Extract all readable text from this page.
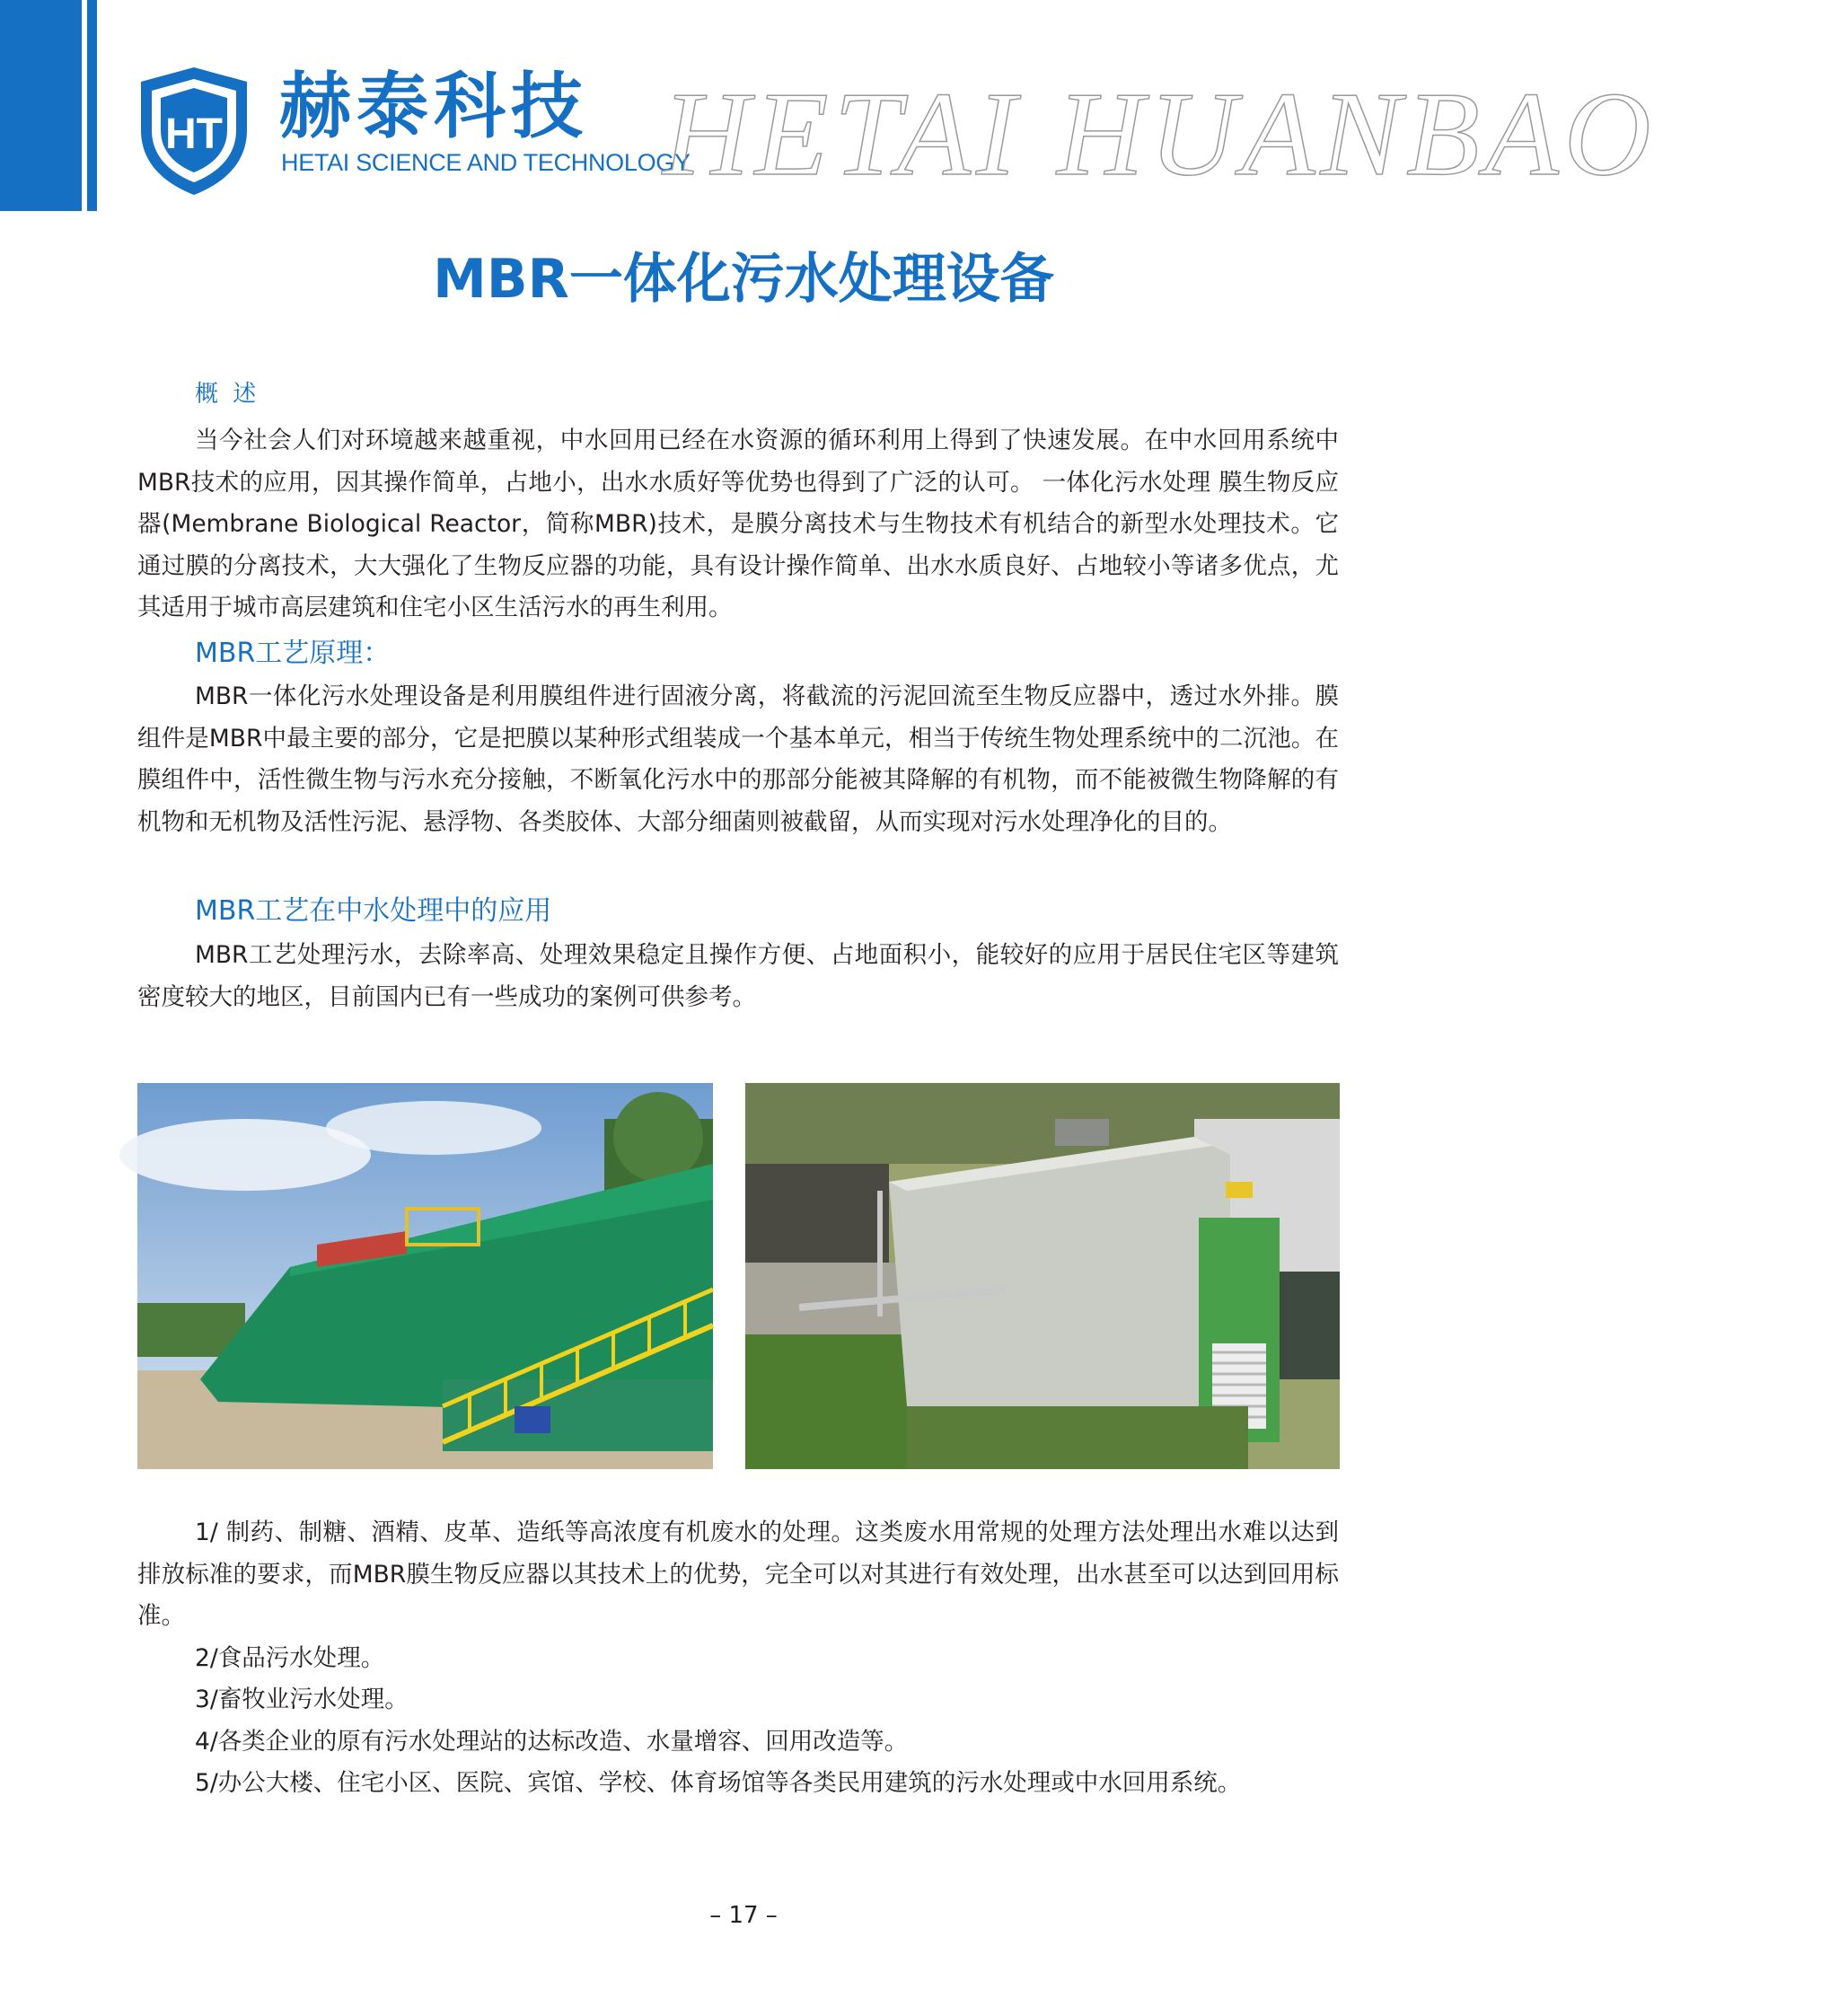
HT 赫泰科技
HETAI SCIENCE AND TECHNOLOGY
HETAI HUANBAO
MBR一体化污水处理设备
概 述

当今社会人们对环境越来越重视，中水回用已经在水资源的循环利用上得到了快速发展。在中水回用系统中MBR技术的应用，因其操作简单，占地小，出水水质好等优势也得到了广泛的认可。 一体化污水处理 膜生物反应器(Membrane Biological Reactor，简称MBR)技术，是膜分离技术与生物技术有机结合的新型水处理技术。它通过膜的分离技术，大大强化了生物反应器的功能，具有设计操作简单、出水水质良好、占地较小等诸多优点，尤其适用于城市高层建筑和住宅小区生活污水的再生利用。

MBR工艺原理：

MBR一体化污水处理设备是利用膜组件进行固液分离，将截流的污泥回流至生物反应器中，透过水外排。膜组件是MBR中最主要的部分，它是把膜以某种形式组装成一个基本单元，相当于传统生物处理系统中的二沉池。在膜组件中，活性微生物与污水充分接触，不断氧化污水中的那部分能被其降解的有机物，而不能被微生物降解的有机物和无机物及活性污泥、悬浮物、各类胶体、大部分细菌则被截留，从而实现对污水处理净化的目的。

MBR工艺在中水处理中的应用

MBR工艺处理污水，去除率高、处理效果稳定且操作方便、占地面积小，能较好的应用于居民住宅区等建筑密度较大的地区，目前国内已有一些成功的案例可供参考。

1/ 制药、制糖、酒精、皮革、造纸等高浓度有机废水的处理。这类废水用常规的处理方法处理出水难以达到排放标准的要求，而MBR膜生物反应器以其技术上的优势，完全可以对其进行有效处理，出水甚至可以达到回用标准。

2/食品污水处理。

3/畜牧业污水处理。

4/各类企业的原有污水处理站的达标改造、水量增容、回用改造等。

5/办公大楼、住宅小区、医院、宾馆、学校、体育场馆等各类民用建筑的污水处理或中水回用系统。

– 17 –
